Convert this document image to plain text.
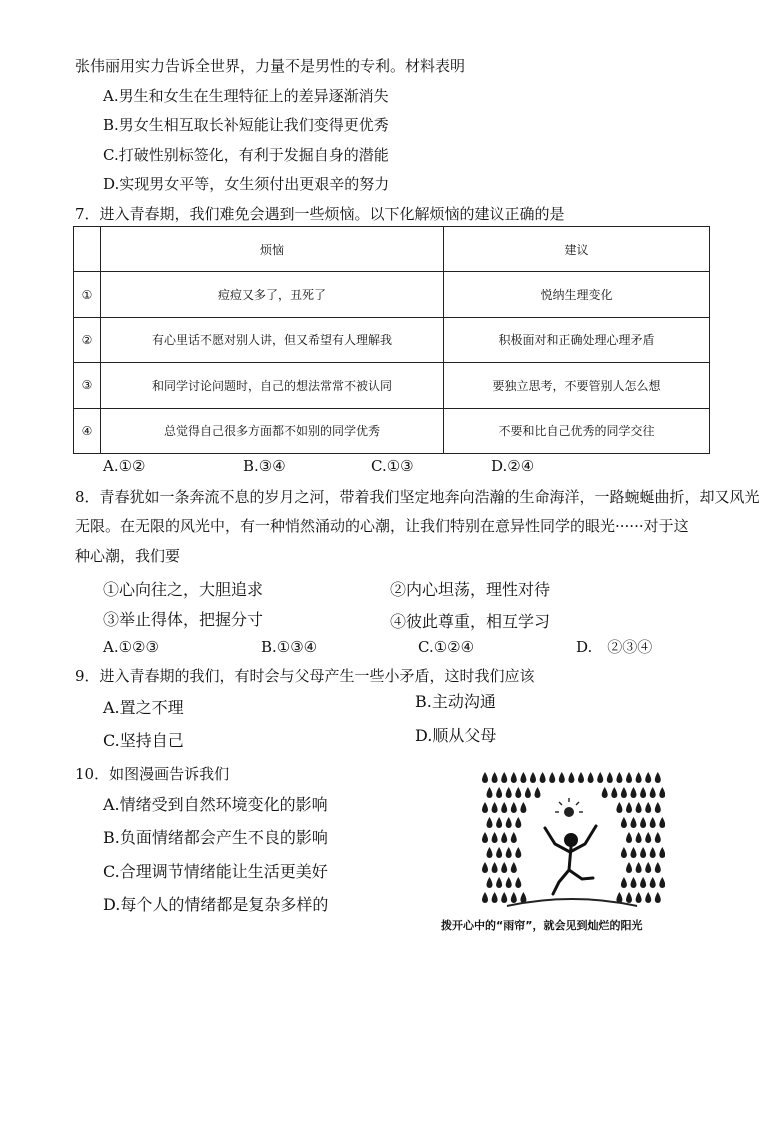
张伟丽用实力告诉全世界，力量不是男性的专利。材料表明
A.男生和女生在生理特征上的差异逐渐消失
B.男女生相互取长补短能让我们变得更优秀
C.打破性别标签化，有利于发掘自身的潜能
D.实现男女平等，女生须付出更艰辛的努力
7．进入青春期，我们难免会遇到一些烦恼。以下化解烦恼的建议正确的是
	烦恼	建议
①	痘痘又多了，丑死了	悦纳生理变化
②	有心里话不愿对别人讲，但又希望有人理解我	积极面对和正确处理心理矛盾
③	和同学讨论问题时，自己的想法常常不被认同	要独立思考，不要管别人怎么想
④	总觉得自己很多方面都不如别的同学优秀	不要和比自己优秀的同学交往
A.①②	B.③④	C.①③	D.②④
8．青春犹如一条奔流不息的岁月之河，带着我们坚定地奔向浩瀚的生命海洋，一路蜿蜒曲折，却又风光
无限。在无限的风光中，有一种悄然涌动的心潮，让我们特别在意异性同学的眼光······对于这
种心潮，我们要
①心向往之，大胆追求	②内心坦荡，理性对待
③举止得体，把握分寸	④彼此尊重，相互学习
A.①②③	B.①③④	C.①②④	D.　②③④
9．进入青春期的我们，有时会与父母产生一些小矛盾，这时我们应该
A.置之不理	B.主动沟通
C.坚持自己	D.顺从父母
10．如图漫画告诉我们
A.情绪受到自然环境变化的影响
B.负面情绪都会产生不良的影响
C.合理调节情绪能让生活更美好
D.每个人的情绪都是复杂多样的
拨开心中的“雨帘”，就会见到灿烂的阳光
